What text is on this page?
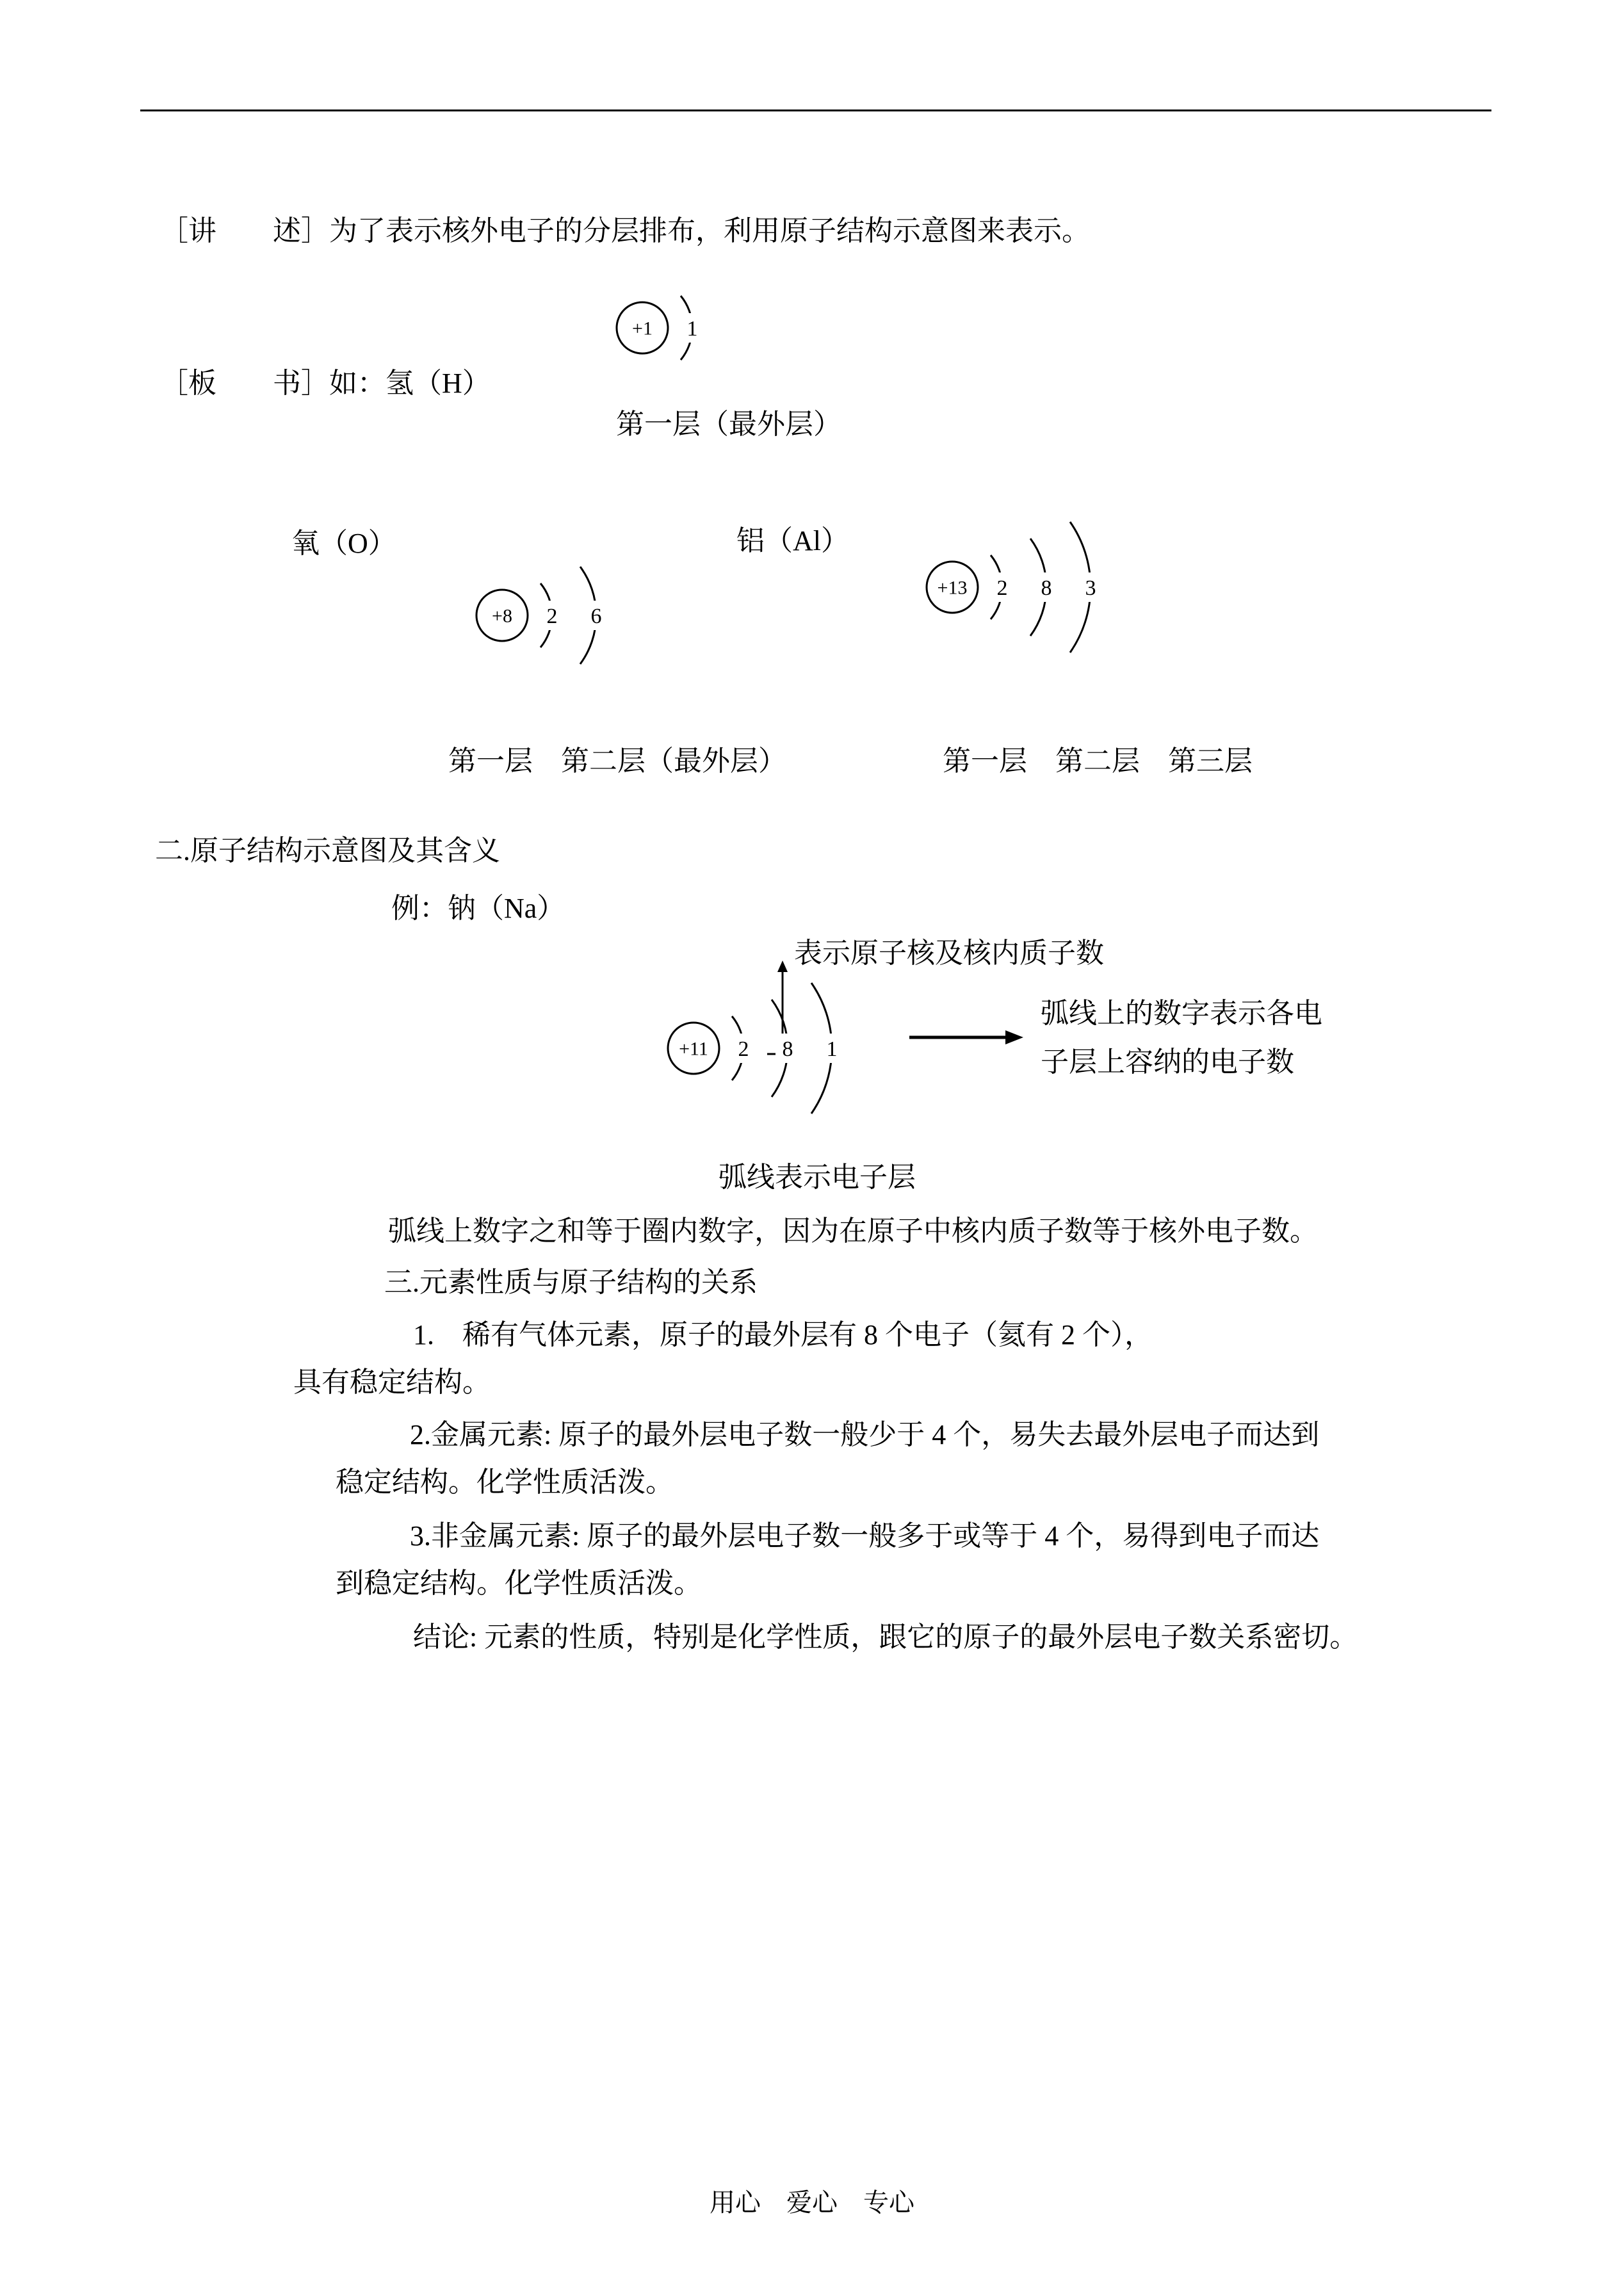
［讲　　述］为了表示核外电子的分层排布，利用原子结构示意图来表示。
+1 1
［板　　书］如：氢（H）
第一层（最外层）
氧（O）	铝（Al）
+8 2 6
+13 2 8 3
第一层　第二层（最外层）	第一层　第二层　第三层
二.原子结构示意图及其含义
例：钠（Na）
表示原子核及核内质子数
+11 2 8 1
弧线上的数字表示各电
子层上容纳的电子数
弧线表示电子层
弧线上数字之和等于圈内数字，因为在原子中核内质子数等于核外电子数。
三.元素性质与原子结构的关系
1.　稀有气体元素，原子的最外层有 8 个电子（氦有 2 个），
具有稳定结构。
2.金属元素: 原子的最外层电子数一般少于 4 个，易失去最外层电子而达到
稳定结构。化学性质活泼。
3.非金属元素: 原子的最外层电子数一般多于或等于 4 个，易得到电子而达
到稳定结构。化学性质活泼。
结论: 元素的性质，特别是化学性质，跟它的原子的最外层电子数关系密切。
用心　爱心　专心
